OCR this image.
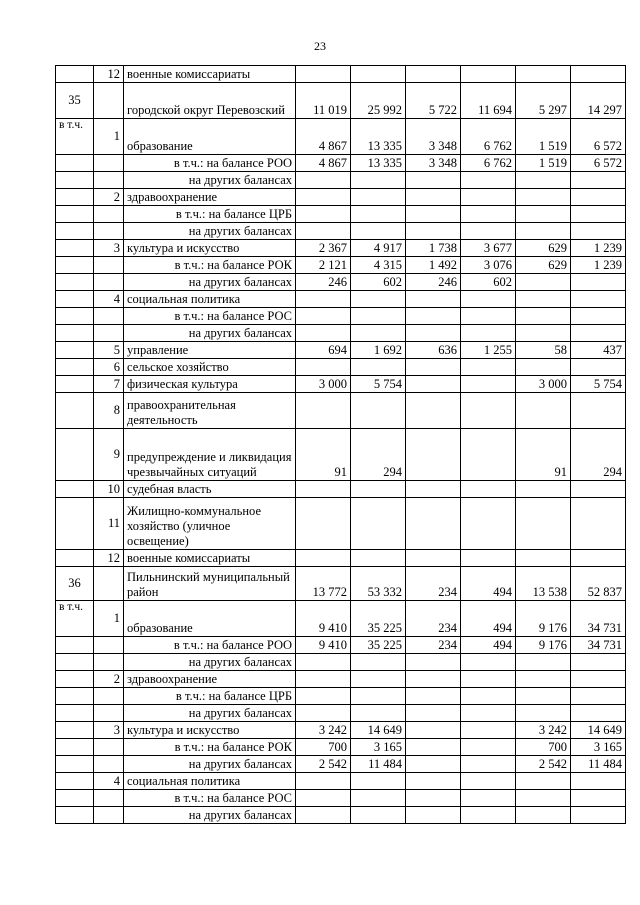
23
	12	военные комиссариаты						
35		городской округ Перевозский	11 019	25 992	5 722	11 694	5 297	14 297
в т.ч.	1	образование	4 867	13 335	3 348	6 762	1 519	6 572
		в т.ч.: на балансе РОО	4 867	13 335	3 348	6 762	1 519	6 572
		на других балансах						
	2	здравоохранение						
		в т.ч.: на балансе ЦРБ						
		на других балансах						
	3	культура и искусство	2 367	4 917	1 738	3 677	629	1 239
		в т.ч.: на балансе РОК	2 121	4 315	1 492	3 076	629	1 239
		на других балансах	246	602	246	602		
	4	социальная политика						
		в т.ч.: на балансе РОС						
		на других балансах						
	5	управление	694	1 692	636	1 255	58	437
	6	сельское хозяйство						
	7	физическая культура	3 000	5 754			3 000	5 754
	8	правоохранительная деятельность						
	9	предупреждение и ликвидация чрезвычайных ситуаций	91	294			91	294
	10	судебная власть						
	11	Жилищно-коммунальное хозяйство (уличное освещение)						
	12	военные комиссариаты						
36		Пильнинский муниципальный район	13 772	53 332	234	494	13 538	52 837
в т.ч.	1	образование	9 410	35 225	234	494	9 176	34 731
		в т.ч.: на балансе РОО	9 410	35 225	234	494	9 176	34 731
		на других балансах						
	2	здравоохранение						
		в т.ч.: на балансе ЦРБ						
		на других балансах						
	3	культура и искусство	3 242	14 649			3 242	14 649
		в т.ч.: на балансе РОК	700	3 165			700	3 165
		на других балансах	2 542	11 484			2 542	11 484
	4	социальная политика						
		в т.ч.: на балансе РОС						
		на других балансах						
